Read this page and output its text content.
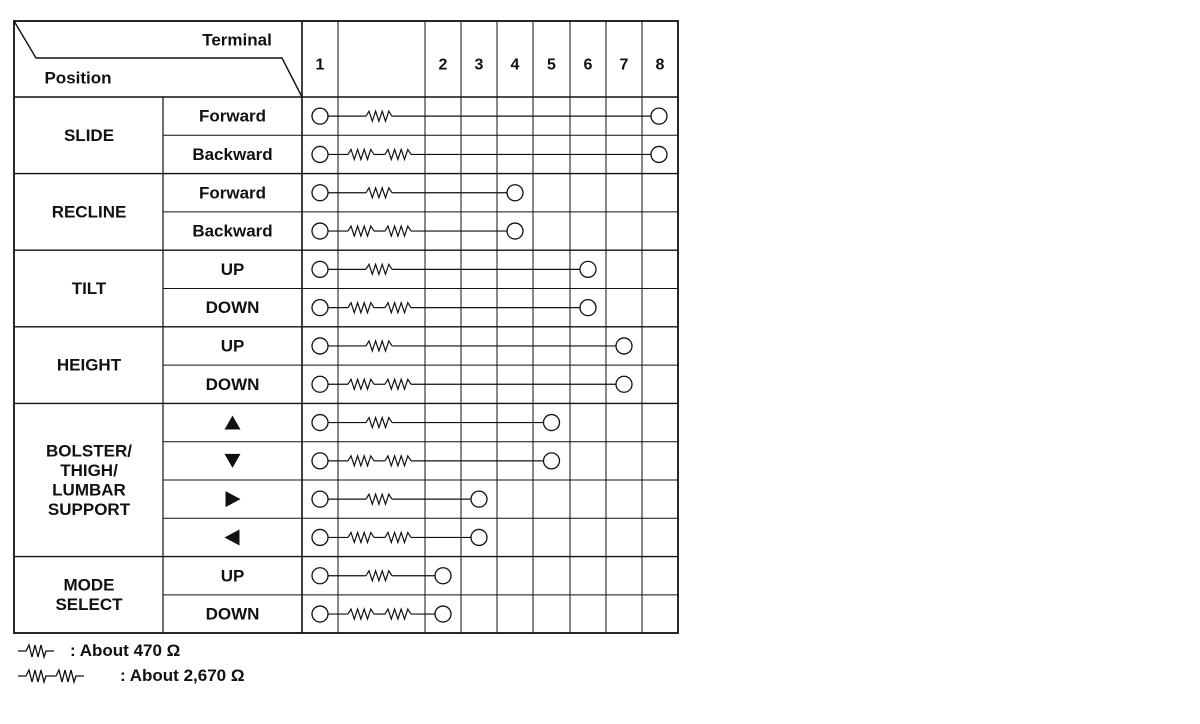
Terminal
Position
1	2 3 4 5 6 7 8
Forward
Backward
SLIDE
Forward
Backward
RECLINE
UP
DOWN
TILT
UP
DOWN
HEIGHT
BOLSTER/
THIGH/
LUMBAR
SUPPORT
UP
DOWN
MODE
SELECT
: About 470 Ω
: About 2,670 Ω
